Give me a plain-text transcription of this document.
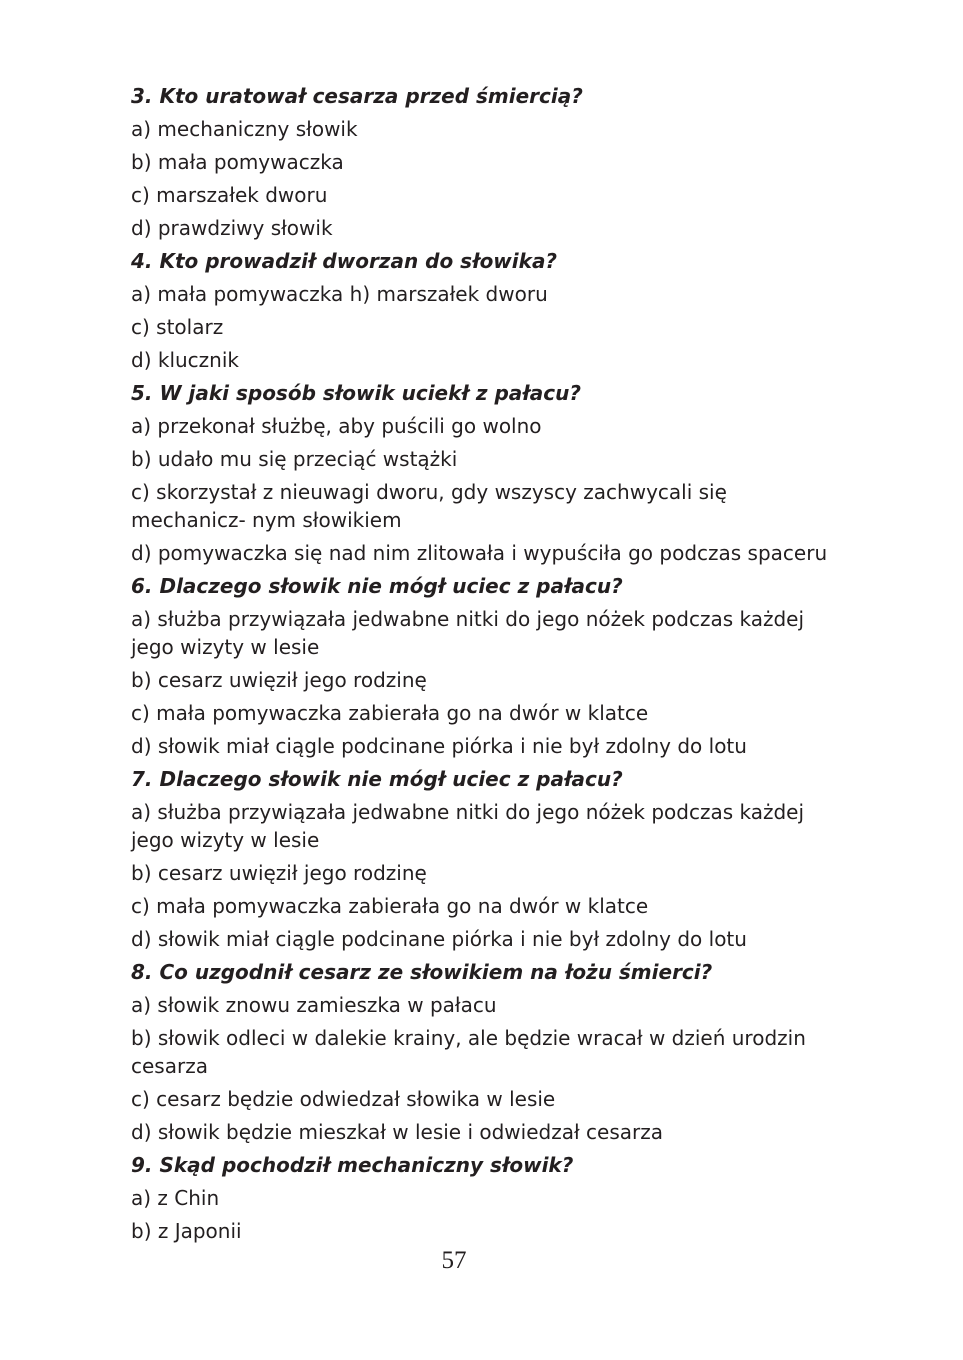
3. Kto uratował cesarza przed śmiercią?

a) mechaniczny słowik

b) mała pomywaczka

c) marszałek dworu

d) prawdziwy słowik

4. Kto prowadził dworzan do słowika?

a) mała pomywaczka h) marszałek dworu

c) stolarz

d) klucznik

5. W jaki sposób słowik uciekł z pałacu?

a) przekonał służbę, aby puścili go wolno

b) udało mu się przeciąć wstążki

c) skorzystał z nieuwagi dworu, gdy wszyscy zachwycali się mechanicz- nym słowikiem

d) pomywaczka się nad nim zlitowała i wypuściła go podczas spaceru

6. Dlaczego słowik nie mógł uciec z pałacu?

a) służba przywiązała jedwabne nitki do jego nóżek podczas każdej jego wizyty w lesie

b) cesarz uwięził jego rodzinę

c) mała pomywaczka zabierała go na dwór w klatce

d) słowik miał ciągle podcinane piórka i nie był zdolny do lotu

7. Dlaczego słowik nie mógł uciec z pałacu?

a) służba przywiązała jedwabne nitki do jego nóżek podczas każdej jego wizyty w lesie

b) cesarz uwięził jego rodzinę

c) mała pomywaczka zabierała go na dwór w klatce

d) słowik miał ciągle podcinane piórka i nie był zdolny do lotu

8. Co uzgodnił cesarz ze słowikiem na łożu śmierci?

a) słowik znowu zamieszka w pałacu

b) słowik odleci w dalekie krainy, ale będzie wracał w dzień urodzin cesarza

c) cesarz będzie odwiedzał słowika w lesie

d) słowik będzie mieszkał w lesie i odwiedzał cesarza

9. Skąd pochodził mechaniczny słowik?

a) z Chin

b) z Japonii

57
